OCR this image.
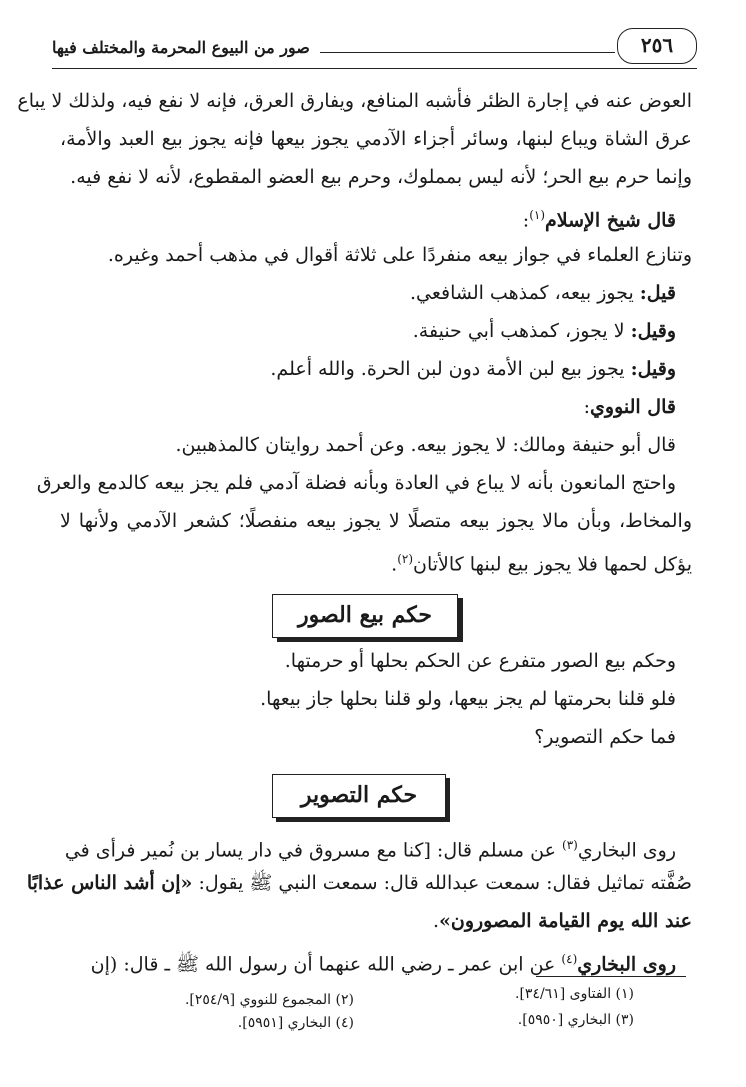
صور من البيوع المحرمة والمختلف فيها	٢٥٦
العوض عنه في إجارة الظئر فأشبه المنافع، ويفارق العرق، فإنه لا نفع فيه، ولذلك لا يباع
عرق الشاة ويباع لبنها، وسائر أجزاء الآدمي يجوز بيعها فإنه يجوز بيع العبد والأمة،
وإنما حرم بيع الحر؛ لأنه ليس بمملوك، وحرم بيع العضو المقطوع، لأنه لا نفع فيه.
قال شيخ الإسلام$^{(١)}$:
وتنازع العلماء في جواز بيعه منفردًا على ثلاثة أقوال في مذهب أحمد وغيره.
قيل: يجوز بيعه، كمذهب الشافعي.
وقيل: لا يجوز، كمذهب أبي حنيفة.
وقيل: يجوز بيع لبن الأمة دون لبن الحرة. والله أعلم.
قال النووي:
قال أبو حنيفة ومالك: لا يجوز بيعه. وعن أحمد روايتان كالمذهبين.
واحتج المانعون بأنه لا يباع في العادة وبأنه فضلة آدمي فلم يجز بيعه كالدمع والعرق
والمخاط، وبأن مالا يجوز بيعه متصلًا لا يجوز بيعه منفصلًا؛ كشعر الآدمي ولأنها لا
يؤكل لحمها فلا يجوز بيع لبنها كالأتان$^{(٢)}$.
حكم بيع الصور
وحكم بيع الصور متفرع عن الحكم بحلها أو حرمتها.
فلو قلنا بحرمتها لم يجز بيعها، ولو قلنا بحلها جاز بيعها.
فما حكم التصوير؟
حكم التصوير
روى البخاري$^{(٣)}$ عن مسلم قال: [كنا مع مسروق في دار يسار بن نُمير فرأى في
صُفَّته تماثيل فقال: سمعت عبدالله قال: سمعت النبي ﷺ يقول: «إن أشد الناس عذابًا
عند الله يوم القيامة المصورون».
روى البخاري$^{(٤)}$ عن ابن عمر ـ رضي الله عنهما أن رسول الله ﷺ ـ قال: (إن
(١) الفتاوى [٣٤/٦١].
(٢) المجموع للنووي [٢٥٤/٩].
(٣) البخاري [٥٩٥٠].
(٤) البخاري [٥٩٥١].
